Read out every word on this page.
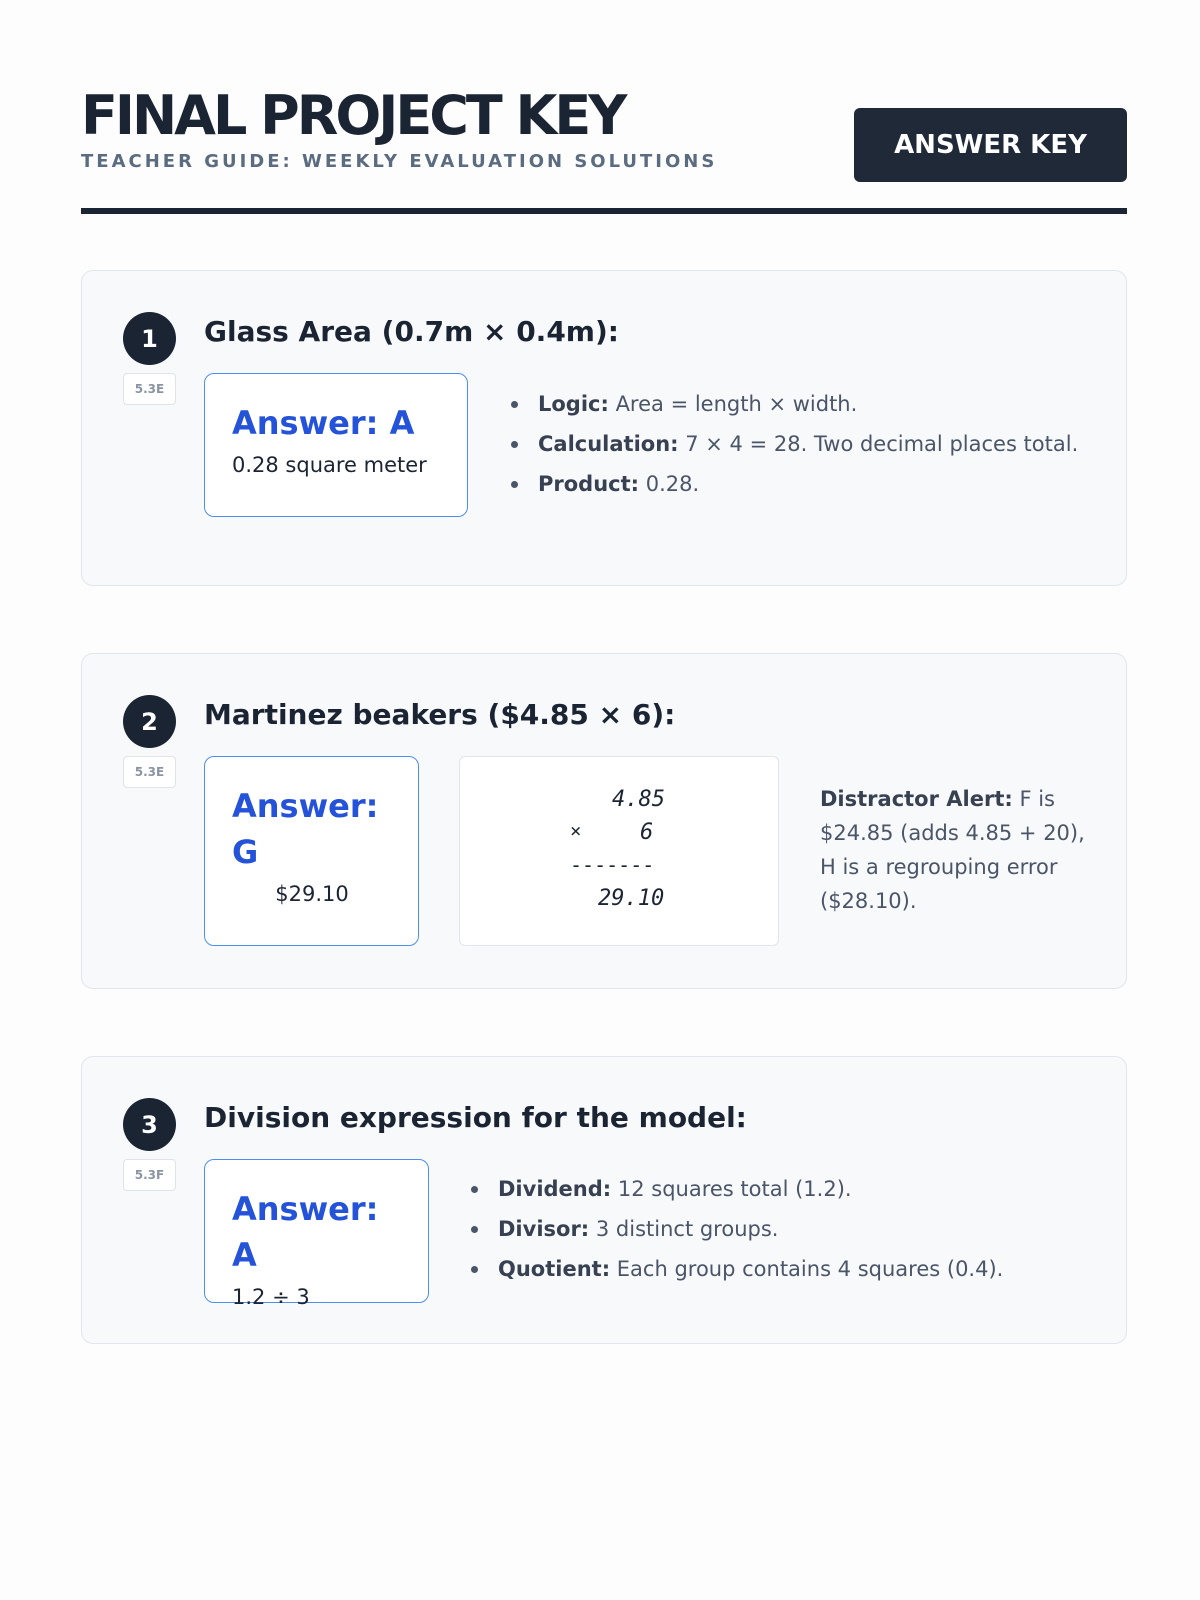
FINAL PROJECT KEY
TEACHER GUIDE: WEEKLY EVALUATION SOLUTIONS
ANSWER KEY
1
5.3E
Glass Area (0.7m × 0.4m):
Answer: A
0.28 square meter
Logic: Area = length × width.
Calculation: 7 × 4 = 28. Two decimal places total.
Product: 0.28.
2
5.3E
Martinez beakers ($4.85 × 6):
Answer: G
$29.10
4.85
×	6
-------
29.10
Distractor Alert: F is $24.85 (adds 4.85 + 20), H is a regrouping error ($28.10).
3
5.3F
Division expression for the model:
Answer: A
1.2 ÷ 3
Dividend: 12 squares total (1.2).
Divisor: 3 distinct groups.
Quotient: Each group contains 4 squares (0.4).
